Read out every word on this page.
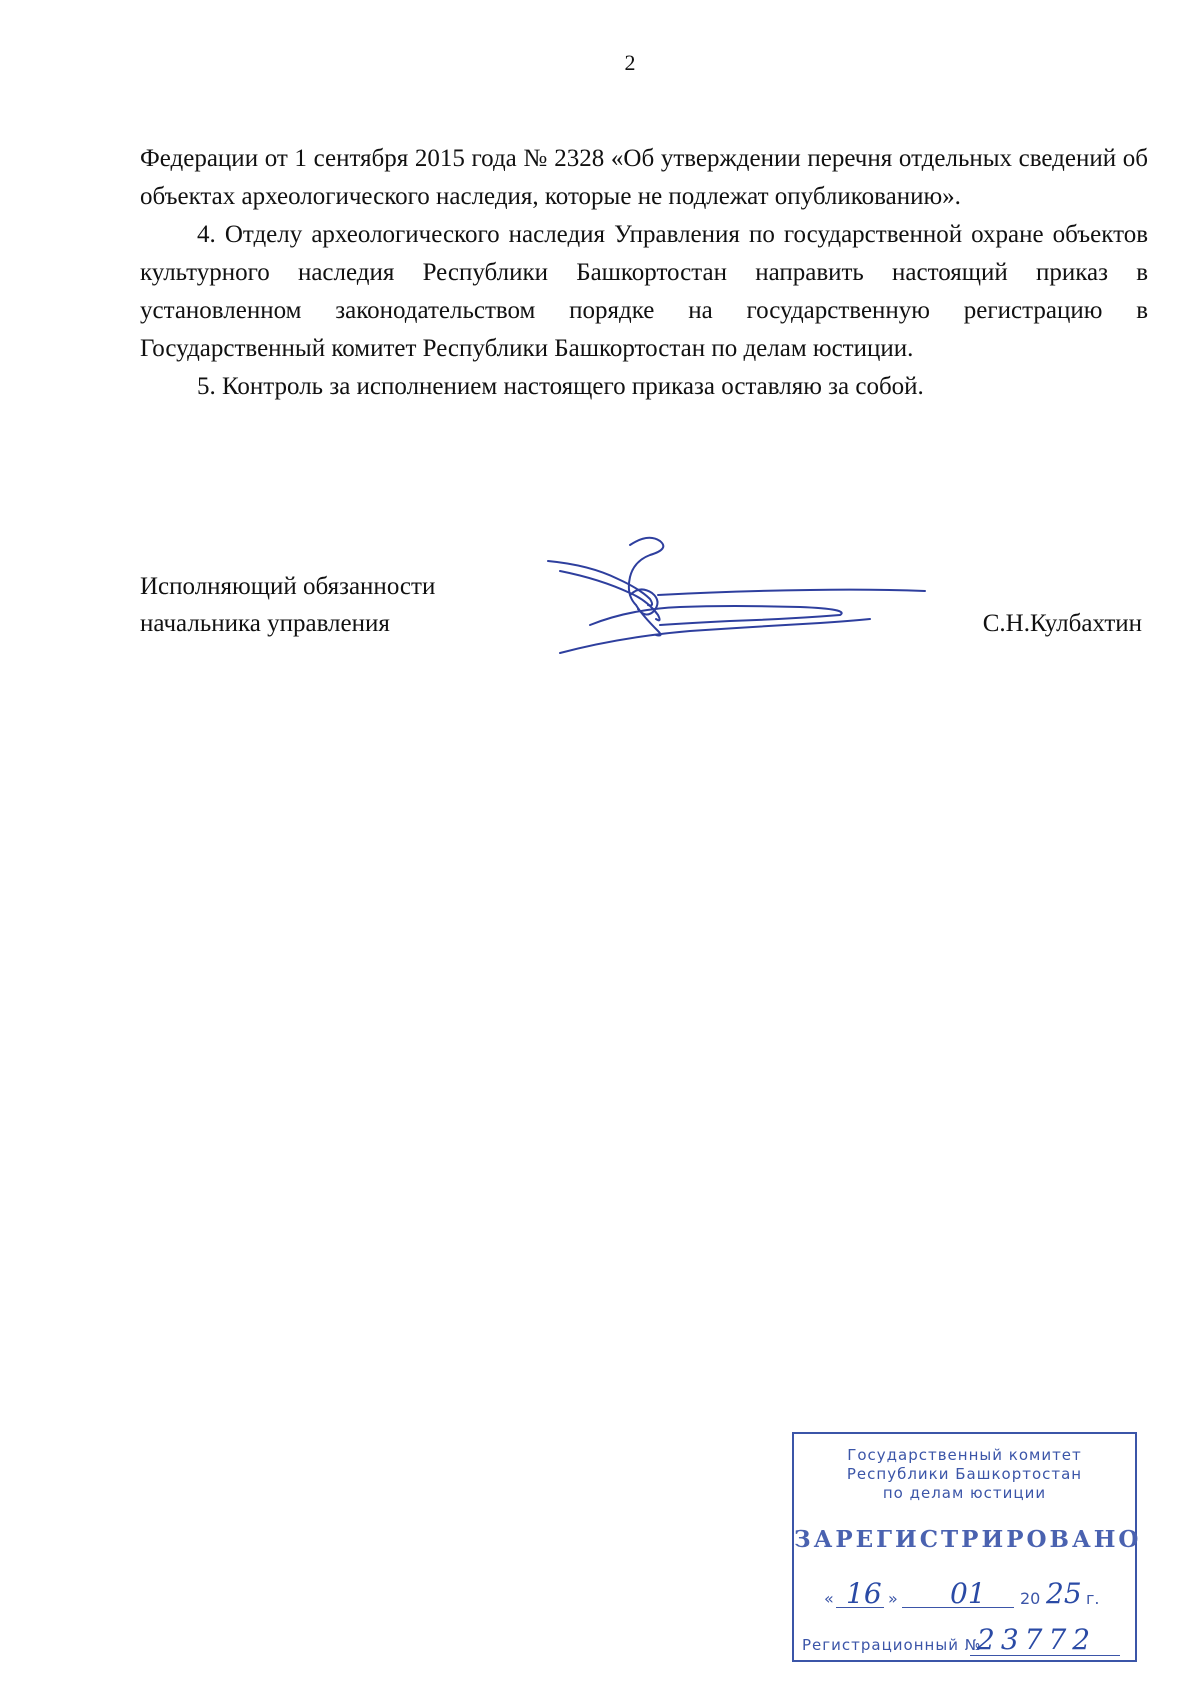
2

Федерации от 1 сентября 2015 года № 2328 «Об утверждении перечня отдельных сведений об объектах археологического наследия, которые не подлежат опубликованию».

4. Отделу археологического наследия Управления по государственной охране объектов культурного наследия Республики Башкортостан направить настоящий приказ в установленном законодательством порядке на государственную регистрацию в Государственный комитет Республики Башкортостан по делам юстиции.

5. Контроль за исполнением настоящего приказа оставляю за собой.

Исполняющий обязанности
начальника управления	С.Н.Кулбахтин
Государственный комитет
Республики Башкортостан
по делам юстиции
ЗАРЕГИСТРИРОВАНО
« 16 » 01 20 25 г.
Регистрационный №
23772
